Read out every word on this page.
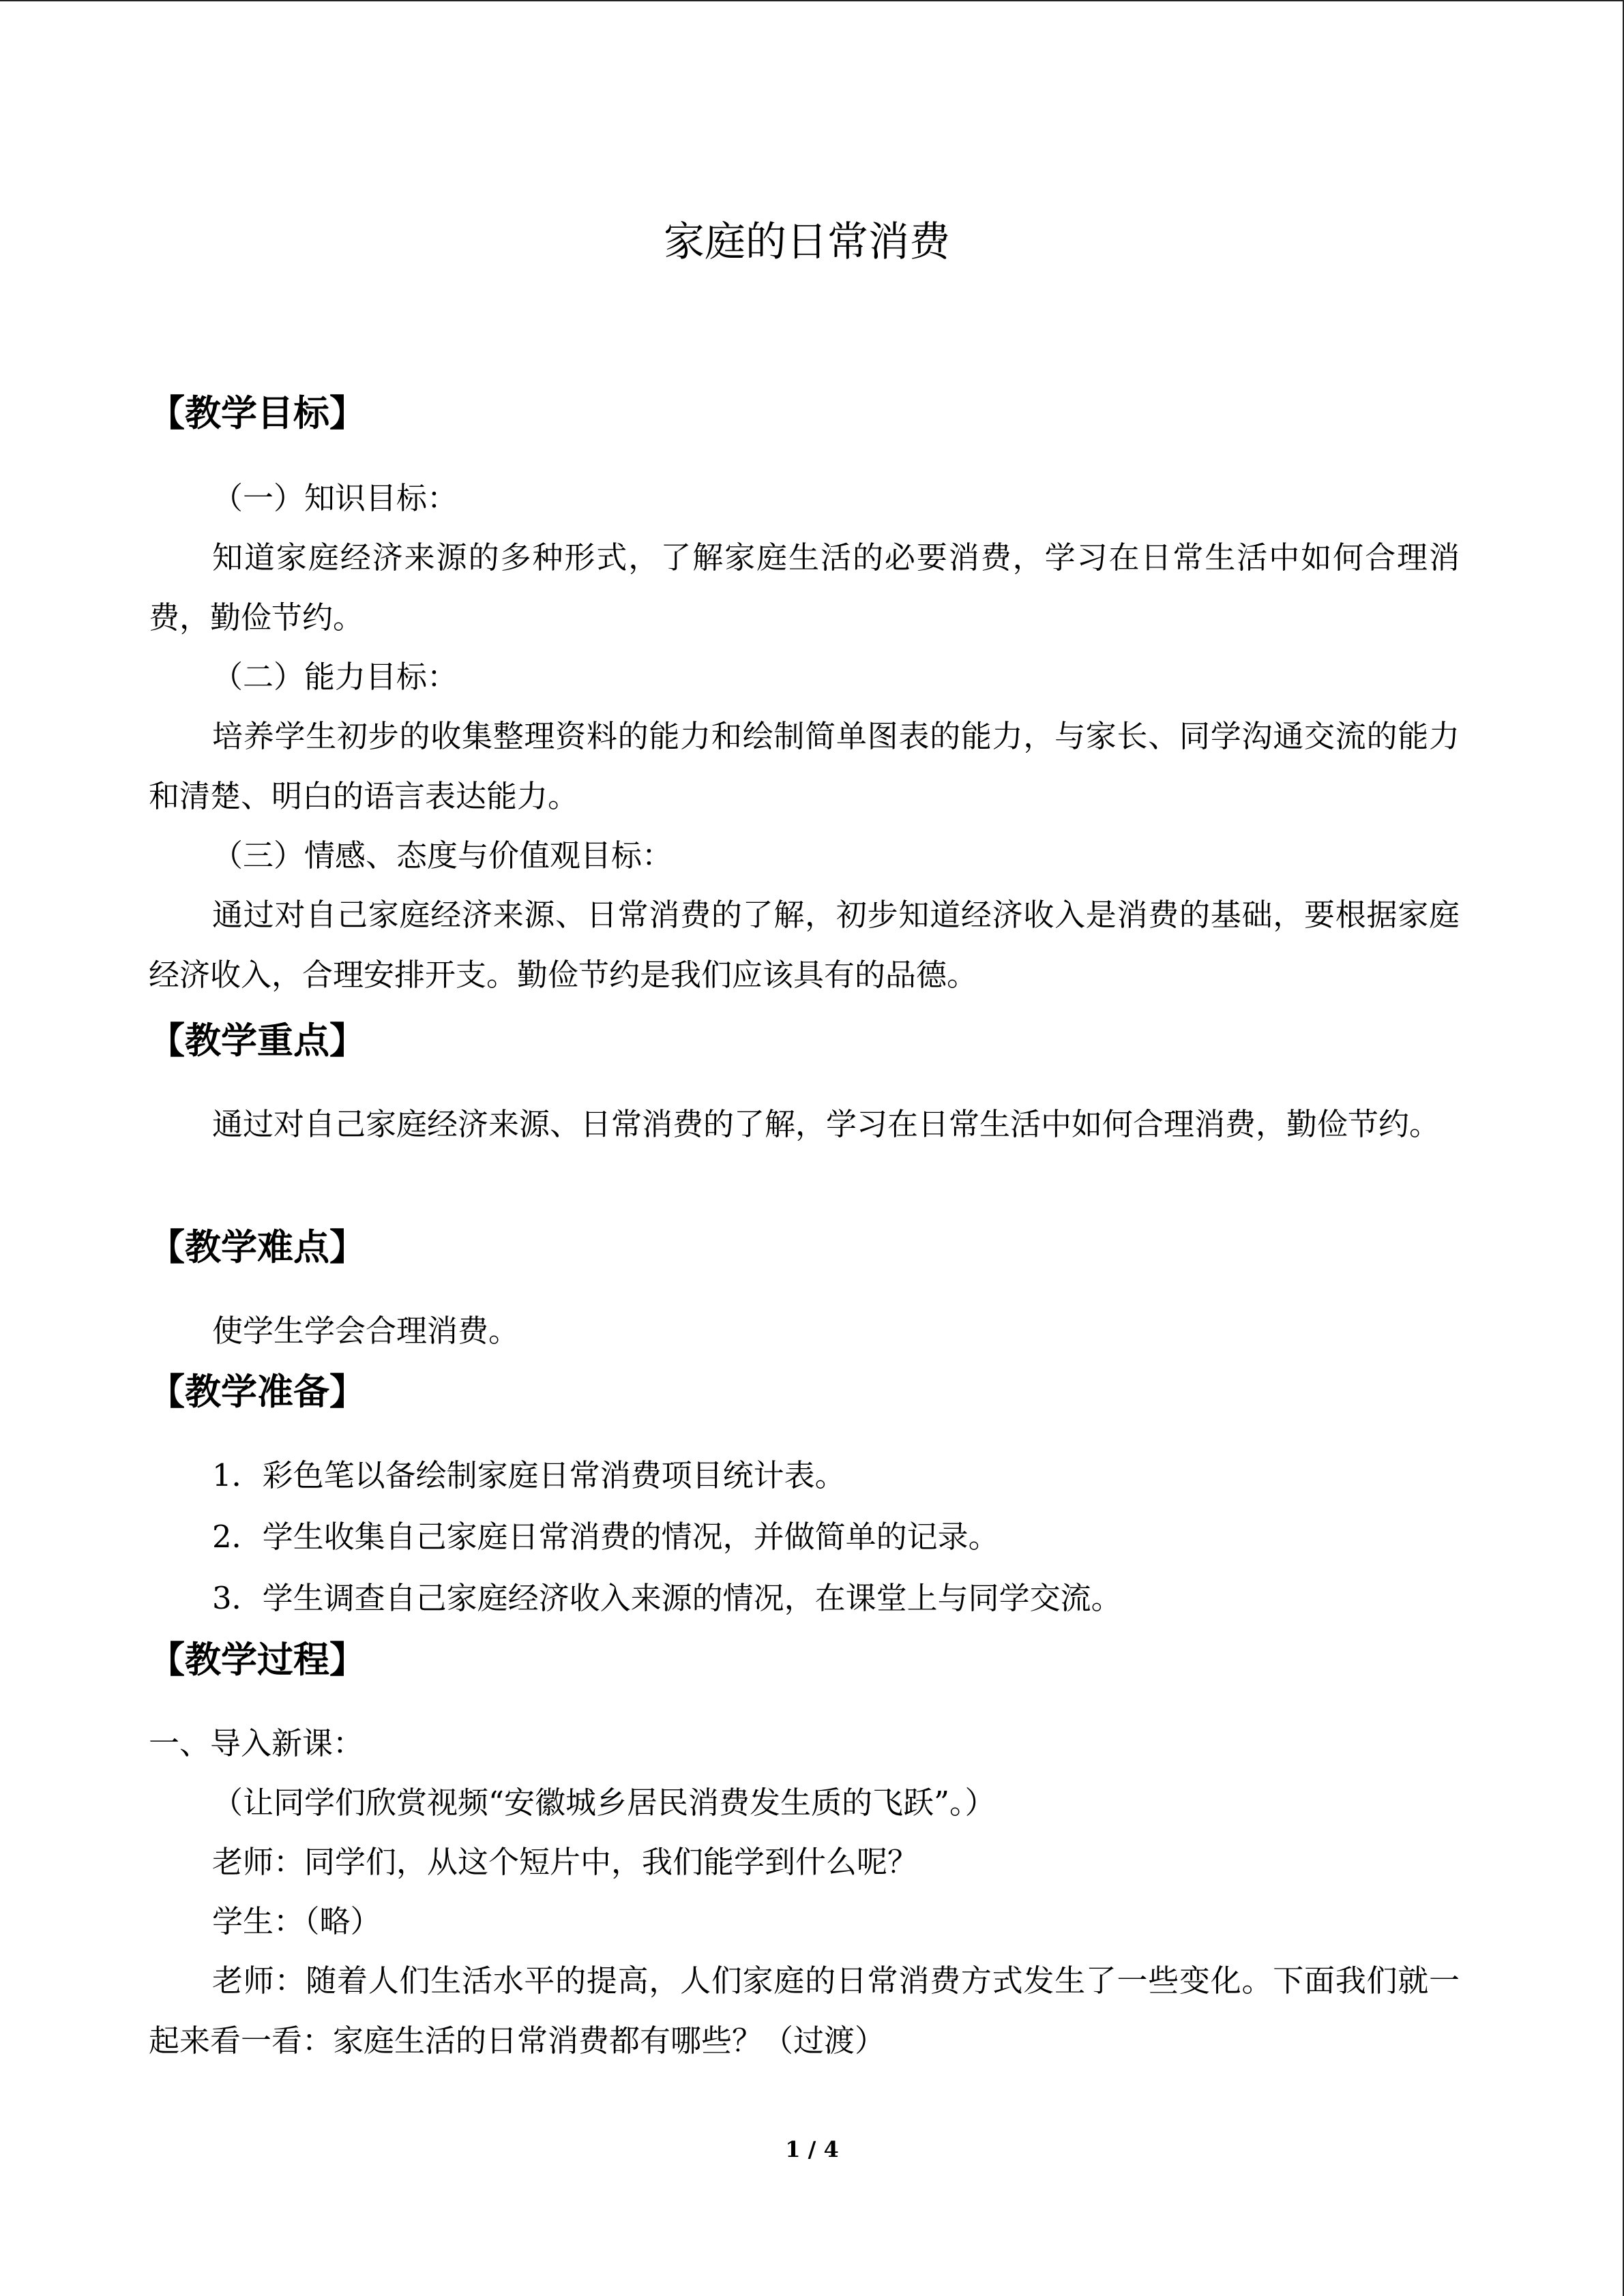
家庭的日常消费
【教学目标】
（一）知识目标：
知道家庭经济来源的多种形式，了解家庭生活的必要消费，学习在日常生活中如何合理消费，勤俭节约。
（二）能力目标：
培养学生初步的收集整理资料的能力和绘制简单图表的能力，与家长、同学沟通交流的能力和清楚、明白的语言表达能力。
（三）情感、态度与价值观目标：
通过对自己家庭经济来源、日常消费的了解，初步知道经济收入是消费的基础，要根据家庭经济收入，合理安排开支。勤俭节约是我们应该具有的品德。
【教学重点】
通过对自己家庭经济来源、日常消费的了解，学习在日常生活中如何合理消费，勤俭节约。
【教学难点】
使学生学会合理消费。
【教学准备】
1．彩色笔以备绘制家庭日常消费项目统计表。
2．学生收集自己家庭日常消费的情况，并做简单的记录。
3．学生调查自己家庭经济收入来源的情况，在课堂上与同学交流。
【教学过程】
一、导入新课：
（让同学们欣赏视频“安徽城乡居民消费发生质的飞跃”。）
老师：同学们，从这个短片中，我们能学到什么呢？
学生：（略）
老师：随着人们生活水平的提高，人们家庭的日常消费方式发生了一些变化。下面我们就一起来看一看：家庭生活的日常消费都有哪些？（过渡）
1 / 4
